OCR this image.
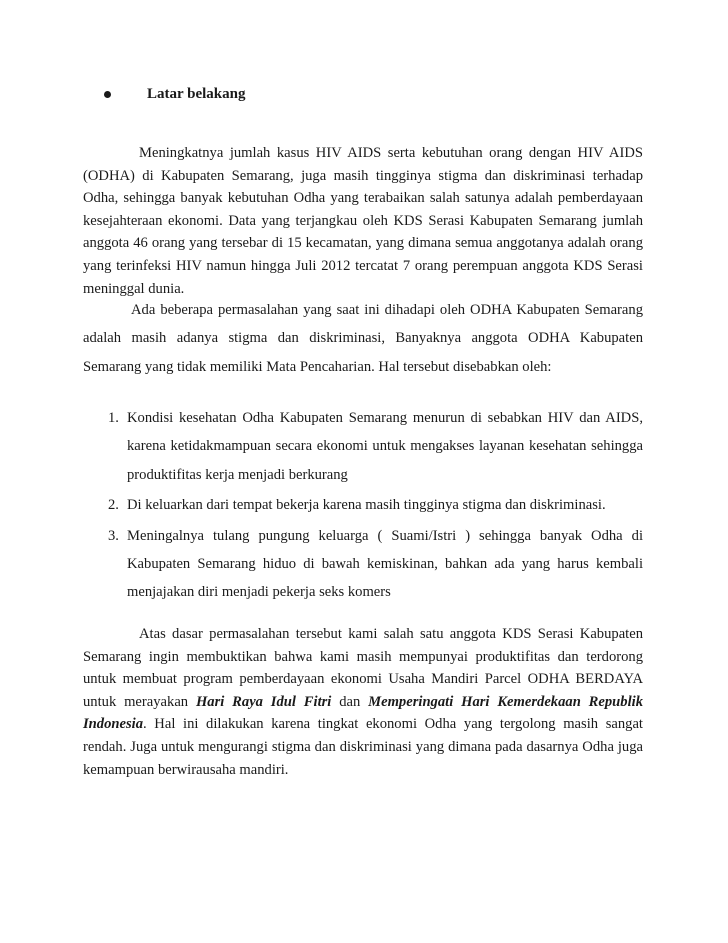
Latar belakang

Meningkatnya jumlah kasus HIV AIDS serta kebutuhan orang dengan HIV AIDS (ODHA) di Kabupaten Semarang, juga masih tingginya stigma dan diskriminasi terhadap Odha, sehingga banyak kebutuhan Odha yang terabaikan salah satunya adalah pemberdayaan kesejahteraan ekonomi. Data yang terjangkau oleh KDS Serasi Kabupaten Semarang jumlah anggota 46 orang yang tersebar di 15 kecamatan, yang dimana semua anggotanya adalah orang yang terinfeksi HIV namun hingga Juli 2012 tercatat 7 orang perempuan anggota KDS Serasi meninggal dunia.

Ada beberapa permasalahan yang saat ini dihadapi oleh ODHA Kabupaten Semarang adalah masih adanya stigma dan diskriminasi, Banyaknya anggota ODHA Kabupaten Semarang yang tidak memiliki Mata Pencaharian. Hal tersebut disebabkan oleh:

1. Kondisi kesehatan Odha Kabupaten Semarang menurun di sebabkan HIV dan AIDS, karena ketidakmampuan secara ekonomi untuk mengakses layanan kesehatan sehingga produktifitas kerja menjadi berkurang
2. Di keluarkan dari tempat bekerja karena masih tingginya stigma dan diskriminasi.
3. Meningalnya tulang pungung keluarga ( Suami/Istri ) sehingga banyak Odha di Kabupaten Semarang hiduo di bawah kemiskinan, bahkan ada yang harus kembali menjajakan diri menjadi pekerja seks komers

Atas dasar permasalahan tersebut kami salah satu anggota KDS Serasi Kabupaten Semarang ingin membuktikan bahwa kami masih mempunyai produktifitas dan terdorong untuk membuat program pemberdayaan ekonomi Usaha Mandiri Parcel ODHA BERDAYA untuk merayakan Hari Raya Idul Fitri dan Memperingati Hari Kemerdekaan Republik Indonesia. Hal ini dilakukan karena tingkat ekonomi Odha yang tergolong masih sangat rendah. Juga untuk mengurangi stigma dan diskriminasi yang dimana pada dasarnya Odha juga kemampuan berwirausaha mandiri.
